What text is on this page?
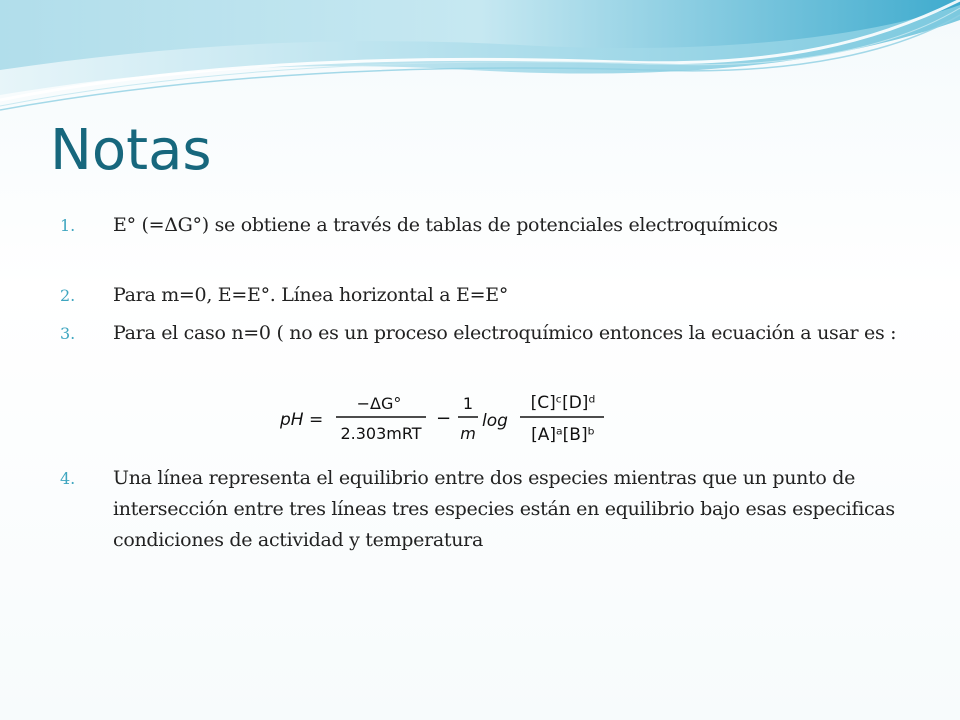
Notas
1.	E° (=ΔG°) se obtiene a través de tablas de potenciales electroquímicos
2.	Para m=0, E=E°. Línea horizontal a E=E°
3.	Para el caso n=0 ( no es un proceso electroquímico entonces la ecuación a usar es :
pH =
−ΔG°
2.303mRT
−
1
m
log
[C]ᶜ[D]ᵈ
[A]ᵃ[B]ᵇ
4.	Una línea representa el equilibrio entre dos especies mientras que un punto de intersección entre tres líneas tres especies están en equilibrio bajo esas especificas condiciones de actividad y temperatura
